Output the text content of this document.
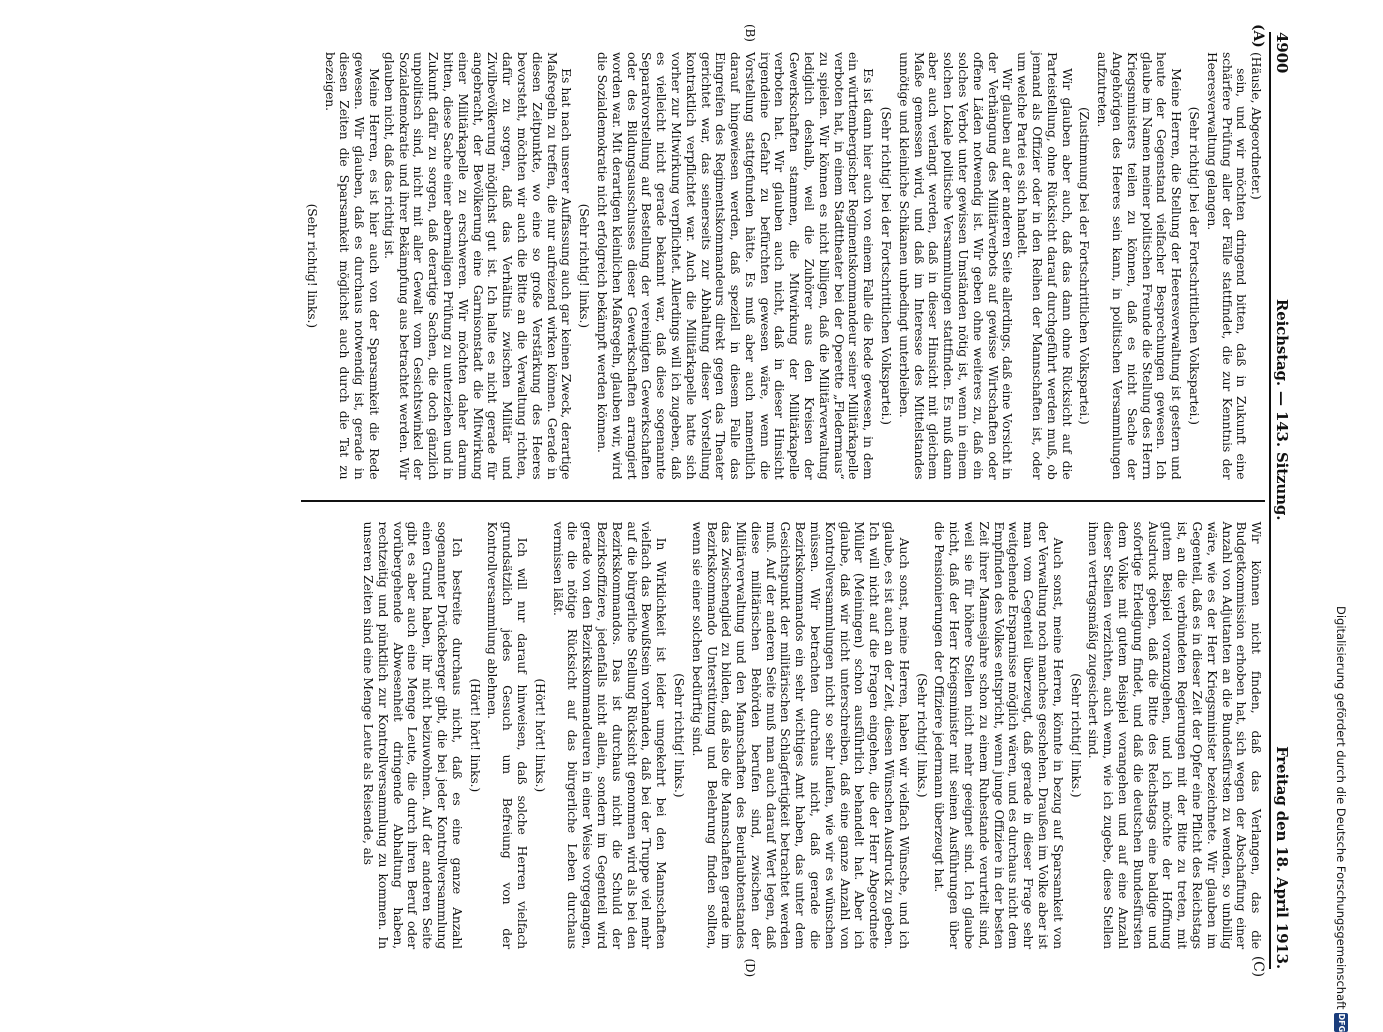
4900
Reichstag. — 143. Sitzung.
Freitag den 18. April 1913.
(A)
(B)
(C)
(D)

(Häusle, Abgeordneter.)

sein, und wir möchten dringend bitten, daß in Zukunft eine schärfere Prüfung aller der Fälle stattfindet, die zur Kenntnis der Heeresverwaltung gelangen.

(Sehr richtig! bei der Fortschrittlichen Volkspartei.)

Meine Herren, die Stellung der Heeresverwaltung ist gestern und heute der Gegenstand vielfacher Besprechungen gewesen. Ich glaube im Namen meiner politischen Freunde die Stellung des Herrn Kriegsministers teilen zu können, daß es nicht Sache der Angehörigen des Heeres sein kann, in politischen Versammlungen aufzutreten.

(Zustimmung bei der Fortschrittlichen Volkspartei.)

Wir glauben aber auch, daß das dann ohne Rücksicht auf die Parteistellung, ohne Rücksicht darauf durchgeführt werden muß, ob jemand als Offizier oder in den Reihen der Mannschaften ist, oder um welche Partei es sich handelt.

Wir glauben auf der anderen Seite allerdings, daß eine Vorsicht in der Verhängung des Militärverbots auf gewisse Wirtschaften oder offene Läden notwendig ist. Wir geben ohne weiteres zu, daß ein solches Verbot unter gewissen Umständen nötig ist, wenn in einem solchen Lokale politische Versammlungen stattfinden. Es muß dann aber auch verlangt werden, daß in dieser Hinsicht mit gleichem Maße gemessen wird, und daß im Interesse des Mittelstandes unnötige und kleinliche Schikanen unbedingt unterbleiben.

(Sehr richtig! bei der Fortschrittlichen Volkspartei.)

Es ist dann hier auch von einem Falle die Rede gewesen, in dem ein württembergischer Regimentskommandeur seiner Militärkapelle verboten hat, in einem Stadttheater bei der Operette „Fledermaus“ zu spielen. Wir können es nicht billigen, daß die Militärverwaltung lediglich deshalb, weil die Zuhörer aus den Kreisen der Gewerkschaften stammen, die Mitwirkung der Militärkapelle verboten hat. Wir glauben auch nicht, daß in dieser Hinsicht irgendeine Gefahr zu befürchten gewesen wäre, wenn die Vorstellung stattgefunden hätte. Es muß aber auch namentlich darauf hingewiesen werden, daß speziell in diesem Falle das Eingreifen des Regimentskommandeurs direkt gegen das Theater gerichtet war, das seinerseits zur Abhaltung dieser Vorstellung kontraktlich verpflichtet war. Auch die Militärkapelle hatte sich vorher zur Mitwirkung verpflichtet. Allerdings will ich zugeben, daß es vielleicht nicht gerade bekannt war, daß diese sogenannte Separatvorstellung auf Bestellung der vereinigten Gewerkschaften oder des Bildungsausschusses dieser Gewerkschaften arrangiert worden war. Mit derartigen kleinlichen Maßregeln, glauben wir, wird die Sozialdemokratie nicht erfolgreich bekämpft werden können.

(Sehr richtig! links.)

Es hat nach unserer Auffassung auch gar keinen Zweck, derartige Maßregeln zu treffen, die nur aufreizend wirken können. Gerade in diesen Zeitpunkte, wo eine so große Verstärkung des Heeres bevorsteht, möchten wir auch die Bitte an die Verwaltung richten, dafür zu sorgen, daß das Verhältnis zwischen Militär und Zivilbevölkerung möglichst gut ist. Ich halte es nicht gerade für angebracht, der Bevölkerung eine Garnisonstadt die Mitwirkung einer Militärkapelle zu erschweren. Wir möchten daher darum bitten, diese Sache einer abermaligen Prüfung zu unterziehen und in Zukunft dafür zu sorgen, daß derartige Sachen, die doch gänzlich unpolitisch sind, nicht mit aller Gewalt vom Gesichtswinkel der Sozialdemokratie und ihrer Bekämpfung aus betrachtet werden. Wir glauben nicht, daß das richtig ist.

Meine Herren, es ist hier auch von der Sparsamkeit die Rede gewesen. Wir glauben, daß es durchaus notwendig ist, gerade in diesen Zeiten die Sparsamkeit möglichst auch durch die Tat zu bezeigen.

(Sehr richtig! links.)

Wir können nicht finden, daß das Verlangen, das die Budgetkommission erhoben hat, sich wegen der Abschaffung einer Anzahl von Adjutanten an die Bundesfürsten zu wenden, so unbillig wäre, wie es der Herr Kriegsminister bezeichnete. Wir glauben im Gegenteil, daß es in dieser Zeit der Opfer eine Pflicht des Reichstags ist, an die verbündeten Regierungen mit der Bitte zu treten, mit gutem Beispiel voranzugehen, und ich möchte der Hoffnung Ausdruck geben, daß die Bitte des Reichstags eine baldige und sofortige Erledigung findet, und daß die deutschen Bundesfürsten dem Volke mit gutem Beispiel vorangehen und auf eine Anzahl dieser Stellen verzichten, auch wenn, wie ich zugebe, diese Stellen ihnen vertragsmäßig zugesichert sind.

(Sehr richtig! links.)

Auch sonst, meine Herren, könnte in bezug auf Sparsamkeit von der Verwaltung noch manches geschehen. Draußen im Volke aber ist man vom Gegenteil überzeugt, daß gerade in dieser Frage sehr weitgehende Ersparnisse möglich wären, und es durchaus nicht dem Empfinden des Volkes entspricht, wenn junge Offiziere in der besten Zeit ihrer Mannesjahre schon zu einem Ruhestande verurteilt sind, weil sie für höhere Stellen nicht mehr geeignet sind. Ich glaube nicht, daß der Herr Kriegsminister mit seinen Ausführungen über die Pensionierungen der Offiziere jedermann überzeugt hat.

(Sehr richtig! links.)

Auch sonst, meine Herren, haben wir vielfach Wünsche, und ich glaube, es ist auch an der Zeit, diesen Wünschen Ausdruck zu geben. Ich will nicht auf die Fragen eingehen, die der Herr Abgeordnete Müller (Meiningen) schon ausführlich behandelt hat. Aber ich glaube, daß wir nicht unterschreiben, daß eine ganze Anzahl von Kontrollversammlungen nicht so sehr laufen, wie wir es wünschen müssen. Wir betrachten durchaus nicht, daß gerade die Bezirkskommandos ein sehr wichtiges Amt haben, das unter dem Gesichtspunkt der militärischen Schlagfertigkeit betrachtet werden muß. Auf der anderen Seite muß man auch darauf Wert legen, daß diese militärischen Behörden berufen sind, zwischen der Militärverwaltung und den Mannschaften des Beurlaubtenstandes das Zwischenglied zu bilden, daß also die Mannschaften gerade im Bezirkskommando Unterstützung und Belehrung finden sollten, wenn sie einer solchen bedürftig sind.

(Sehr richtig! links.)

In Wirklichkeit ist leider umgekehrt bei den Mannschaften vielfach das Bewußtsein vorhanden, daß bei der Truppe viel mehr auf die bürgerliche Stellung Rücksicht genommen wird als bei den Bezirkskommandos. Das ist durchaus nicht die Schuld der Bezirksoffiziere, jedenfalls nicht allein, sondern im Gegenteil wird gerade von den Bezirkskommandeuren in einer Weise vorgegangen, die die nötige Rücksicht auf das bürgerliche Leben durchaus vermissen läßt.

(Hört! hört! links.)

Ich will nur darauf hinweisen, daß solche Herren vielfach grundsätzlich jedes Gesuch um Befreiung von der Kontrollversammlung ablehnen.

(Hört! hört! links.)

Ich bestreite durchaus nicht, daß es eine ganze Anzahl sogenannter Drückeberger gibt, die bei jeder Kontrollversammlung einen Grund haben, ihr nicht beizuwohnen. Auf der anderen Seite gibt es aber auch eine Menge Leute, die durch ihren Beruf oder vorübergehende Abwesenheit dringende Abhaltung haben, rechtzeitig und pünktlich zur Kontrollversammlung zu kommen. In unseren Zeiten sind eine Menge Leute als Reisende, als	Digitalisierung gefördert durch die Deutsche Forschungsgemeinschaft
DFG
